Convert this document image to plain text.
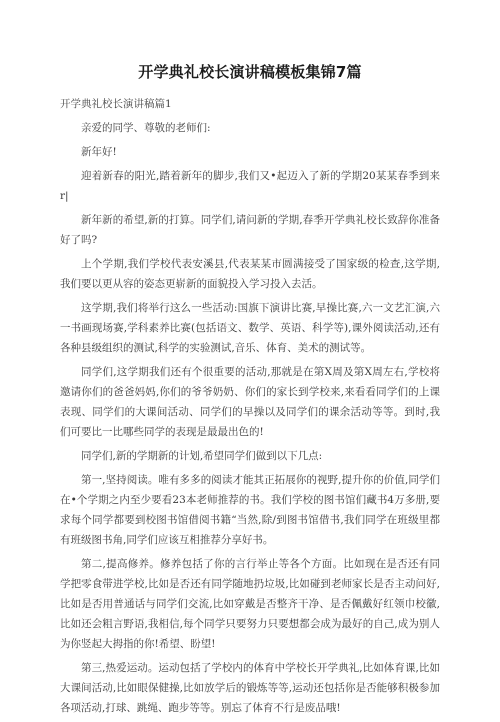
开学典礼校长演讲稿模板集锦7篇
开学典礼校长演讲稿篇1
亲爱的同学、尊敬的老师们:
新年好!
迎着新春的阳光,踏着新年的脚步,我们又•起迈入了新的学期20某某春季到来r|
新年新的希望,新的打算。同学们,请问新的学期,春季开学典礼校长致辞你准备好了吗?
上个学期,我们学校代表安溪县,代表某某市圆满接受了国家级的检查,这学期,我们要以更从容的姿态更崭新的面貌投入学习投入去活。
这学期,我们将举行这么一些活动:国旗下演讲比赛,早操比赛,六一文艺汇演,六一书画现场赛,学科素养比赛(包括语文、数学、英语、科学等),课外阅读活动,还有各种县级组织的测试,科学的实验测试,音乐、体育、美术的测试等。
同学们,这学期我们还有个很重要的活动,那就是在第X周及第X周左右,学校将邀请你们的爸爸妈妈,你们的爷爷奶奶、你们的家长到学校来,来看看同学们的上课表现、同学们的大课间活动、同学们的早操以及同学们的课余活动等等。到时,我们可要比一比哪些同学的表现是最最出色的!
同学们,新的学期新的计划,希望同学们做到以下几点:
第一,坚持阅读。唯有多多的阅读才能其正拓展你的视野,提升你的价值,同学们在•个学期之内至少要看23本老师推荐的书。我们学校的图书馆们藏书4万多册,要求每个同学都要到校图书馆借阅书籍“当然,除/到图书馆借书,我们同学在班级里都有班级图书角,同学们应该互相推荐分享好书。
第二,提高修养。修养包括了你的言行举止等各个方面。比如现在是否还有同学把零食带进学校,比如是否还有同学随地扔垃圾,比如碰到老师家长是否主动问好,比如是否用普通话与同学们交流,比如穿戴是否整齐干净、是否佩戴好红领巾校徽,比如还会粗言野语,我相信,每个同学只要努力只要想都会成为最好的自己,成为别人为你竖起大拇指的你!希望、盼望!
第三,热爱运动。运动包括了学校内的体育中学校长开学典礼,比如体育课,比如大课间活动,比如眼保健操,比如放学后的锻炼等等,运动还包括你是否能够积极参加各项活动,打球、跳绳、跑步等等。别忘了体育不行是废品哦!
